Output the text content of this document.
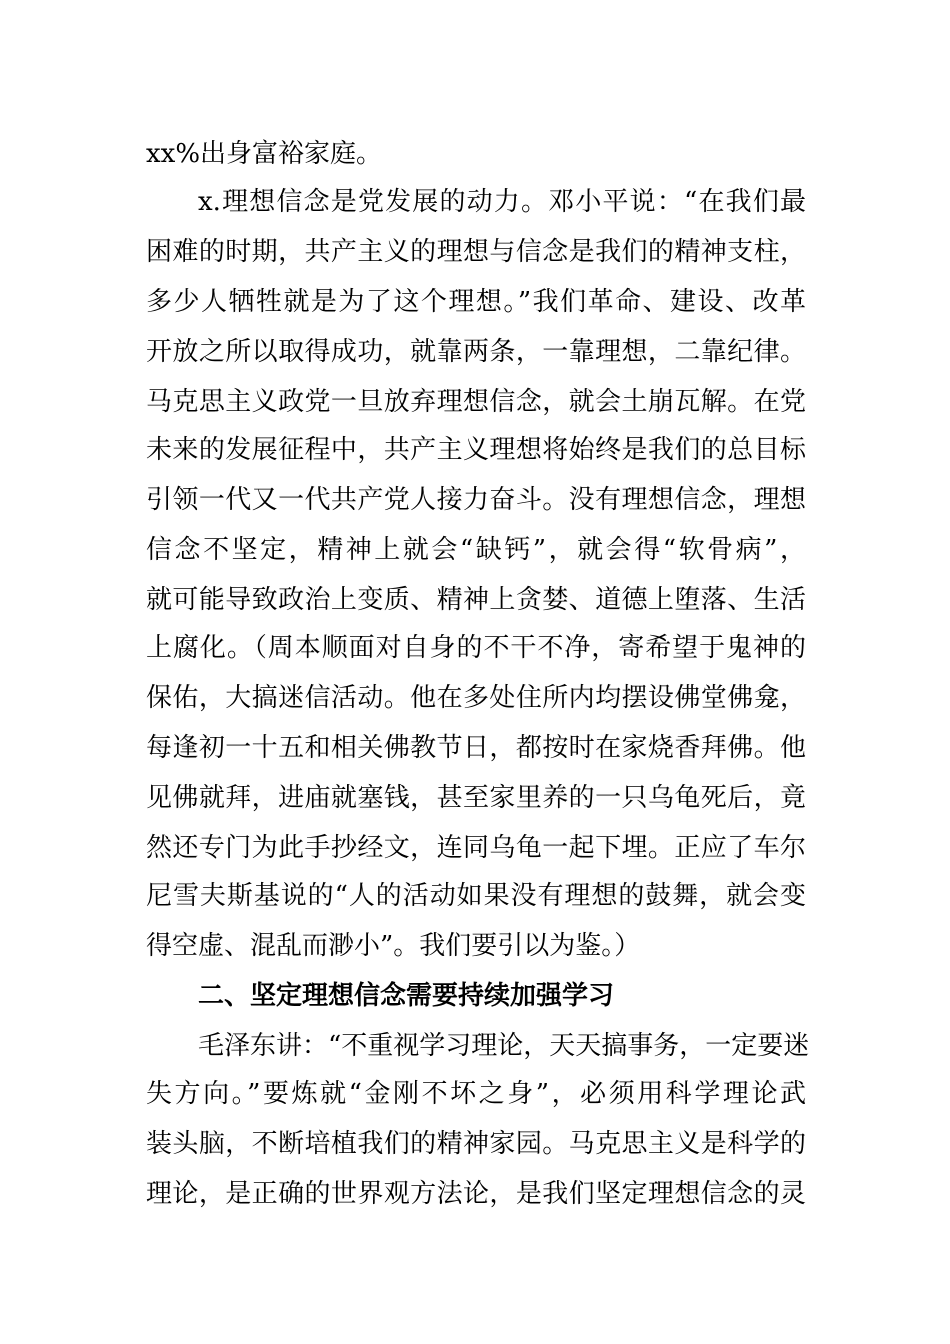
xx%出身富裕家庭。

x.理想信念是党发展的动力。邓小平说：“在我们最

困难的时期，共产主义的理想与信念是我们的精神支柱，

多少人牺牲就是为了这个理想。”我们革命、建设、改革

开放之所以取得成功，就靠两条，一靠理想，二靠纪律。

马克思主义政党一旦放弃理想信念，就会土崩瓦解。在党

未来的发展征程中，共产主义理想将始终是我们的总目标

引领一代又一代共产党人接力奋斗。没有理想信念，理想

信念不坚定，精神上就会“缺钙”，就会得“软骨病”，

就可能导致政治上变质、精神上贪婪、道德上堕落、生活

上腐化。（周本顺面对自身的不干不净，寄希望于鬼神的

保佑，大搞迷信活动。他在多处住所内均摆设佛堂佛龛，

每逢初一十五和相关佛教节日，都按时在家烧香拜佛。他

见佛就拜，进庙就塞钱，甚至家里养的一只乌龟死后，竟

然还专门为此手抄经文，连同乌龟一起下埋。正应了车尔

尼雪夫斯基说的“人的活动如果没有理想的鼓舞，就会变

得空虚、混乱而渺小”。我们要引以为鉴。）

二、坚定理想信念需要持续加强学习

毛泽东讲：“不重视学习理论，天天搞事务，一定要迷

失方向。”要炼就“金刚不坏之身”，必须用科学理论武

装头脑，不断培植我们的精神家园。马克思主义是科学的

理论，是正确的世界观方法论，是我们坚定理想信念的灵
